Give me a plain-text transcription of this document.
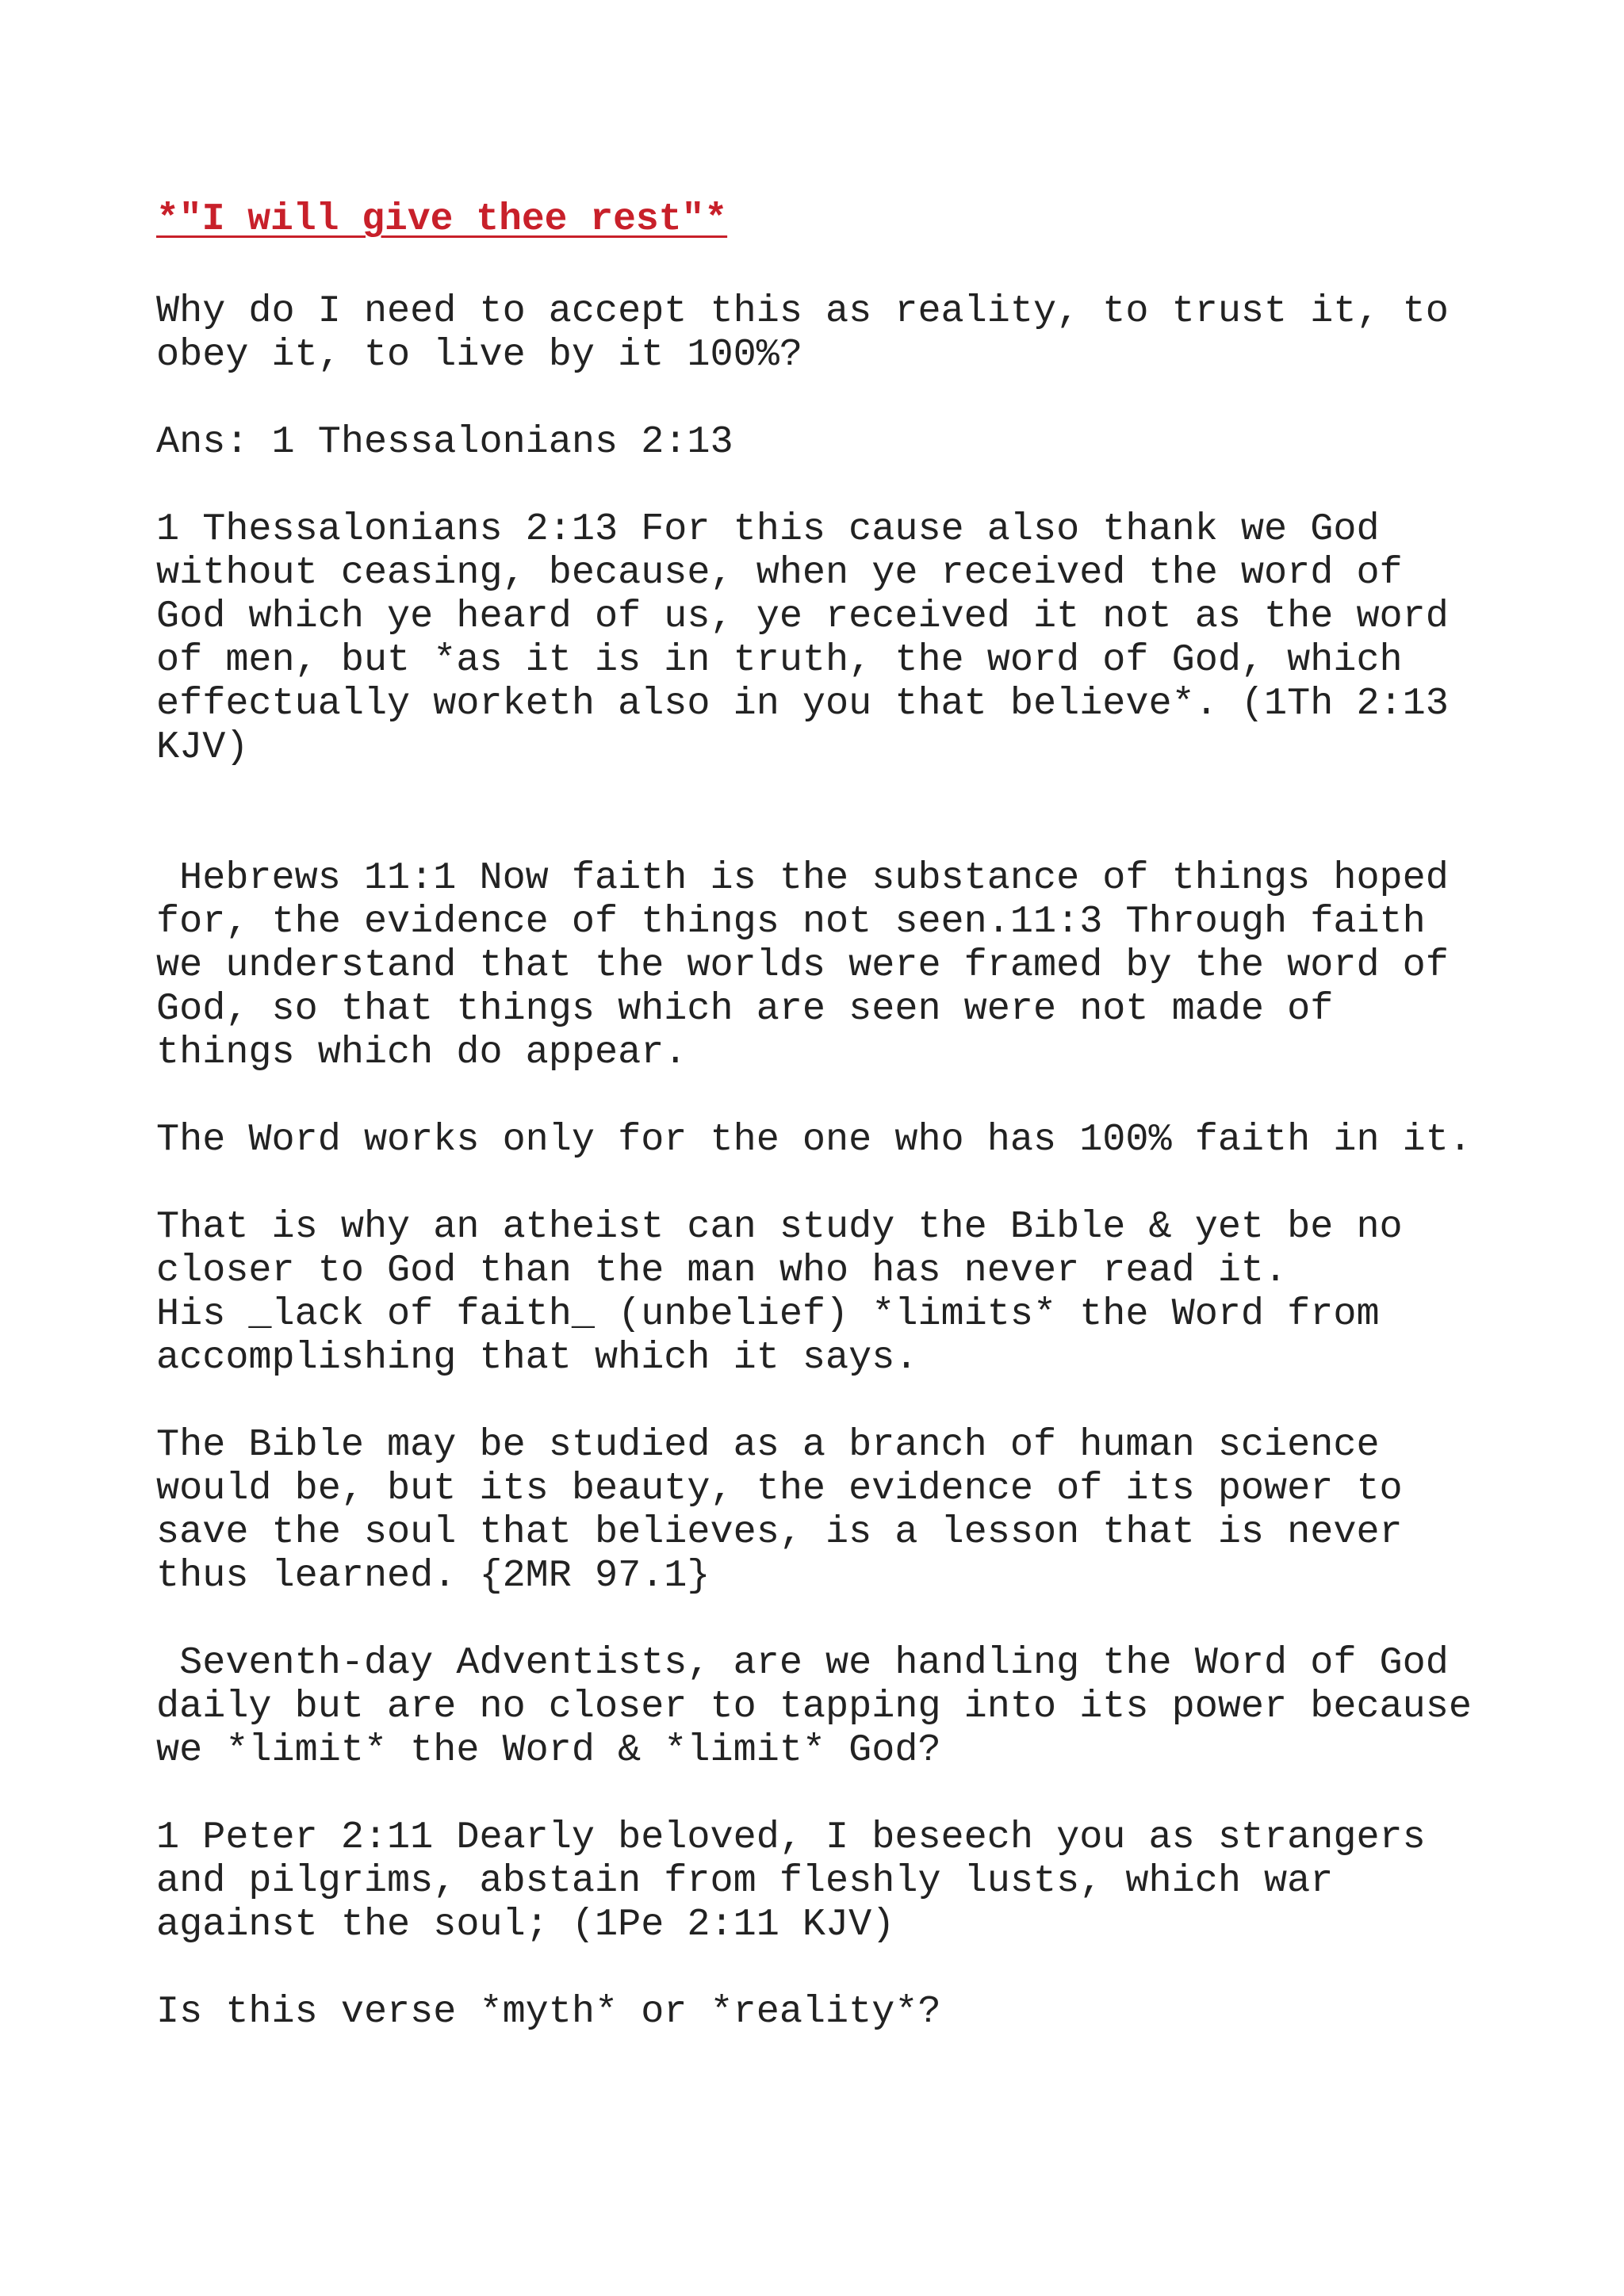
*"I will give thee rest"*

Why do I need to accept this as reality, to trust it, to
obey it, to live by it 100%?

Ans: 1 Thessalonians 2:13

1 Thessalonians 2:13 For this cause also thank we God
without ceasing, because, when ye received the word of
God which ye heard of us, ye received it not as the word
of men, but *as it is in truth, the word of God, which
effectually worketh also in you that believe*. (1Th 2:13
KJV)

Hebrews 11:1 Now faith is the substance of things hoped
for, the evidence of things not seen.11:3 Through faith
we understand that the worlds were framed by the word of
God, so that things which are seen were not made of
things which do appear.

The Word works only for the one who has 100% faith in it.

That is why an atheist can study the Bible & yet be no
closer to God than the man who has never read it.
His _lack of faith_ (unbelief) *limits* the Word from
accomplishing that which it says.

The Bible may be studied as a branch of human science
would be, but its beauty, the evidence of its power to
save the soul that believes, is a lesson that is never
thus learned. {2MR 97.1}

Seventh-day Adventists, are we handling the Word of God
daily but are no closer to tapping into its power because
we *limit* the Word & *limit* God?

1 Peter 2:11 Dearly beloved, I beseech you as strangers
and pilgrims, abstain from fleshly lusts, which war
against the soul; (1Pe 2:11 KJV)

Is this verse *myth* or *reality*?
